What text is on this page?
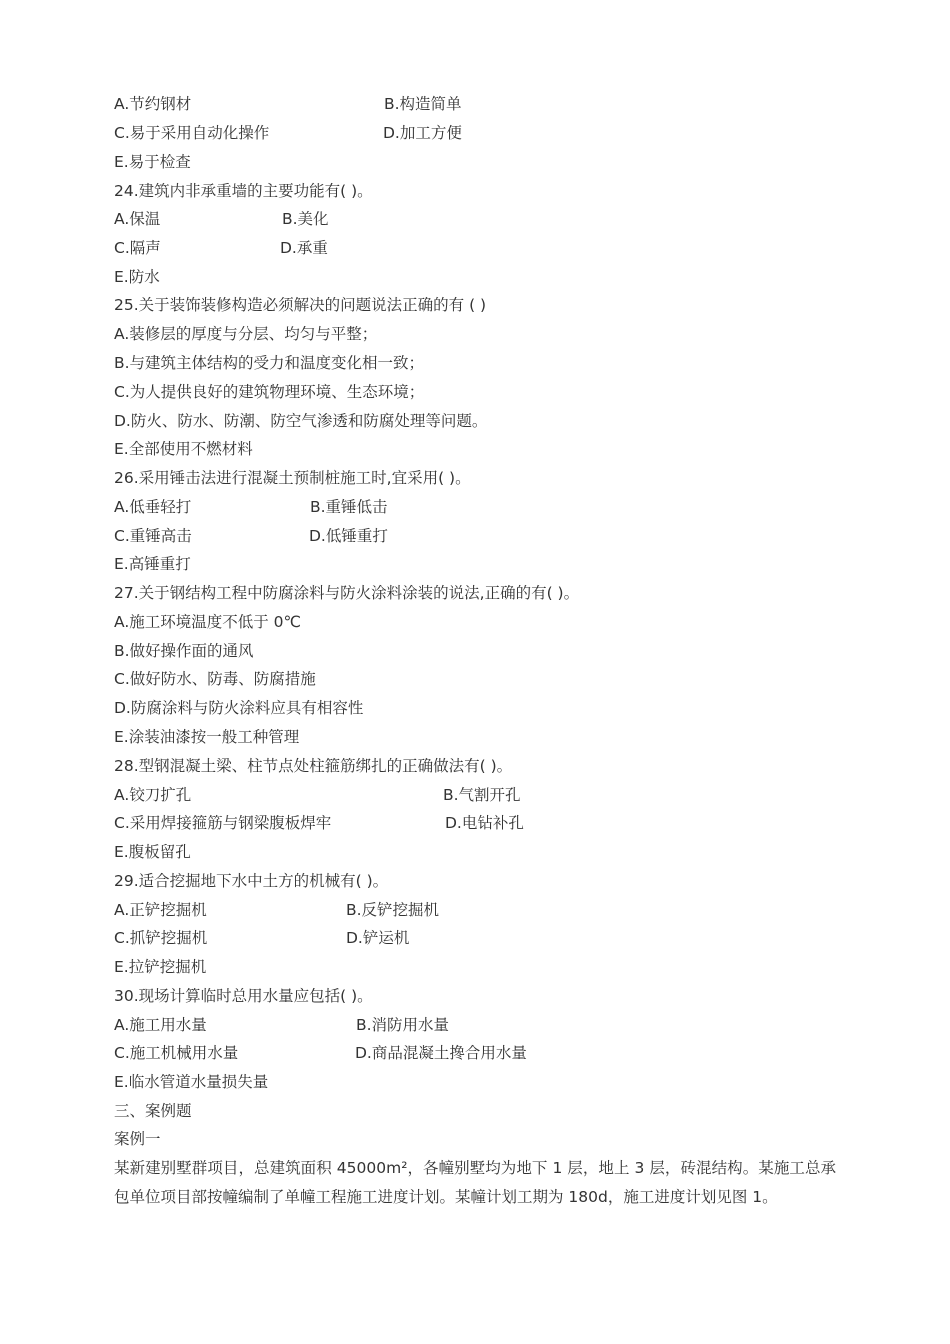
A.节约钢材	B.构造简单
C.易于采用自动化操作	D.加工方便
E.易于检查
24.建筑内非承重墙的主要功能有( )。
A.保温	B.美化
C.隔声	D.承重
E.防水
25.关于装饰装修构造必须解决的问题说法正确的有 ( )
A.装修层的厚度与分层、均匀与平整；
B.与建筑主体结构的受力和温度变化相一致；
C.为人提供良好的建筑物理环境、生态环境；
D.防火、防水、防潮、防空气渗透和防腐处理等问题。
E.全部使用不燃材料
26.采用锤击法进行混凝土预制桩施工时,宜采用( )。
A.低垂轻打	B.重锤低击
C.重锤高击	D.低锤重打
E.高锤重打
27.关于钢结构工程中防腐涂料与防火涂料涂装的说法,正确的有( )。
A.施工环境温度不低于 0℃
B.做好操作面的通风
C.做好防水、防毒、防腐措施
D.防腐涂料与防火涂料应具有相容性
E.涂装油漆按一般工种管理
28.型钢混凝土梁、柱节点处柱箍筋绑扎的正确做法有( )。
A.铰刀扩孔	B.气割开孔
C.采用焊接箍筋与钢梁腹板焊牢	D.电钻补孔
E.腹板留孔
29.适合挖掘地下水中土方的机械有( )。
A.正铲挖掘机	B.反铲挖掘机
C.抓铲挖掘机	D.铲运机
E.拉铲挖掘机
30.现场计算临时总用水量应包括( )。
A.施工用水量	B.消防用水量
C.施工机械用水量	D.商品混凝土搀合用水量
E.临水管道水量损失量
三、案例题
案例一
某新建别墅群项目，总建筑面积 45000m²，各幢别墅均为地下 1 层，地上 3 层，砖混结构。某施工总承包单位项目部按幢编制了单幢工程施工进度计划。某幢计划工期为 180d，施工进度计划见图 1。
